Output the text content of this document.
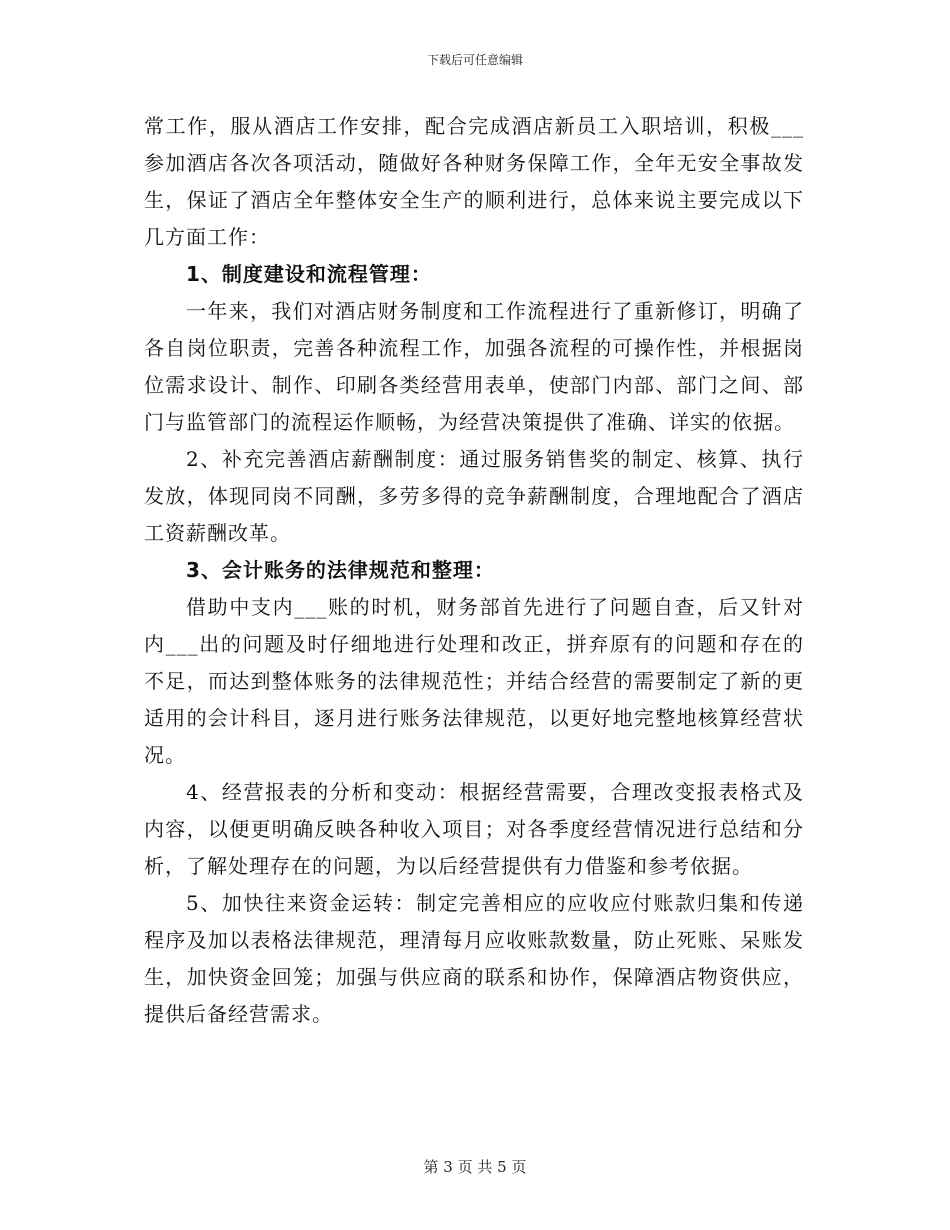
下载后可任意编辑

常工作，服从酒店工作安排，配合完成酒店新员工入职培训，积极___参加酒店各次各项活动，随做好各种财务保障工作，全年无安全事故发生，保证了酒店全年整体安全生产的顺利进行，总体来说主要完成以下几方面工作：

1、制度建设和流程管理：

一年来，我们对酒店财务制度和工作流程进行了重新修订，明确了各自岗位职责，完善各种流程工作，加强各流程的可操作性，并根据岗位需求设计、制作、印刷各类经营用表单，使部门内部、部门之间、部门与监管部门的流程运作顺畅，为经营决策提供了准确、详实的依据。

2、补充完善酒店薪酬制度：通过服务销售奖的制定、核算、执行发放，体现同岗不同酬，多劳多得的竞争薪酬制度，合理地配合了酒店工资薪酬改革。

3、会计账务的法律规范和整理：

借助中支内___账的时机，财务部首先进行了问题自查，后又针对内___出的问题及时仔细地进行处理和改正，拼弃原有的问题和存在的不足，而达到整体账务的法律规范性；并结合经营的需要制定了新的更适用的会计科目，逐月进行账务法律规范，以更好地完整地核算经营状况。

4、经营报表的分析和变动：根据经营需要，合理改变报表格式及内容，以便更明确反映各种收入项目；对各季度经营情况进行总结和分析，了解处理存在的问题，为以后经营提供有力借鉴和参考依据。

5、加快往来资金运转：制定完善相应的应收应付账款归集和传递程序及加以表格法律规范，理清每月应收账款数量，防止死账、呆账发生，加快资金回笼；加强与供应商的联系和协作，保障酒店物资供应，提供后备经营需求。

第 3 页 共 5 页
